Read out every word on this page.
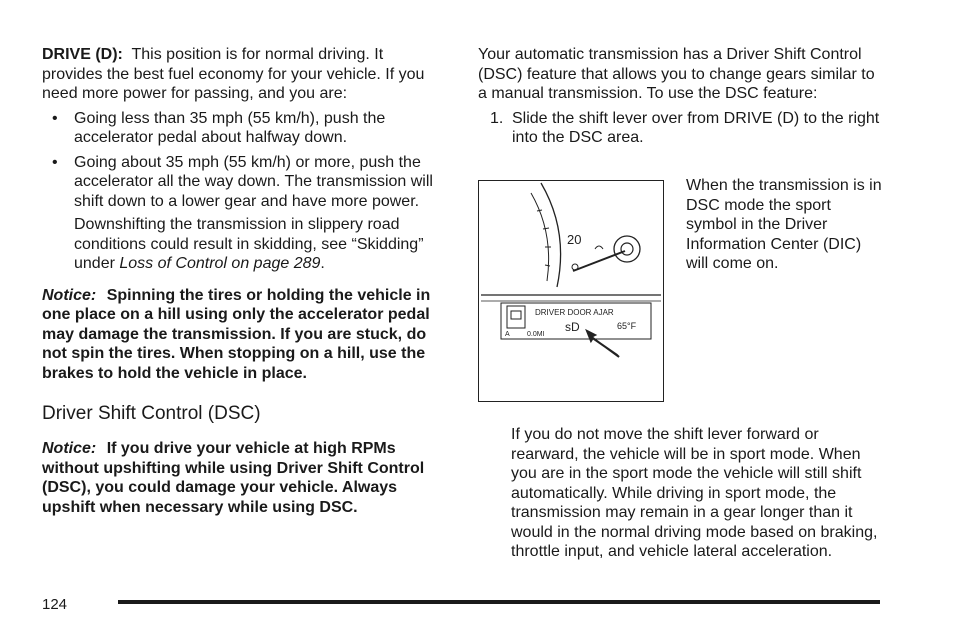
DRIVE (D): This position is for normal driving. It provides the best fuel economy for your vehicle. If you need more power for passing, and you are:

• Going less than 35 mph (55 km/h), push the accelerator pedal about halfway down.
• Going about 35 mph (55 km/h) or more, push the accelerator all the way down. The transmission will shift down to a lower gear and have more power.

Downshifting the transmission in slippery road conditions could result in skidding, see “Skidding” under Loss of Control on page 289.

Notice: Spinning the tires or holding the vehicle in one place on a hill using only the accelerator pedal may damage the transmission. If you are stuck, do not spin the tires. When stopping on a hill, use the brakes to hold the vehicle in place.

Driver Shift Control (DSC)

Notice: If you drive your vehicle at high RPMs without upshifting while using Driver Shift Control (DSC), you could damage your vehicle. Always upshift when necessary while using DSC.

Your automatic transmission has a Driver Shift Control (DSC) feature that allows you to change gears similar to a manual transmission. To use the DSC feature:

1. Slide the shift lever over from DRIVE (D) to the right into the DSC area.
20
DRIVER DOOR AJAR
sD	65°F
A 0.0MI

When the transmission is in DSC mode the sport symbol in the Driver Information Center (DIC) will come on.

If you do not move the shift lever forward or rearward, the vehicle will be in sport mode. When you are in the sport mode the vehicle will still shift automatically. While driving in sport mode, the transmission may remain in a gear longer than it would in the normal driving mode based on braking, throttle input, and vehicle lateral acceleration.

124
